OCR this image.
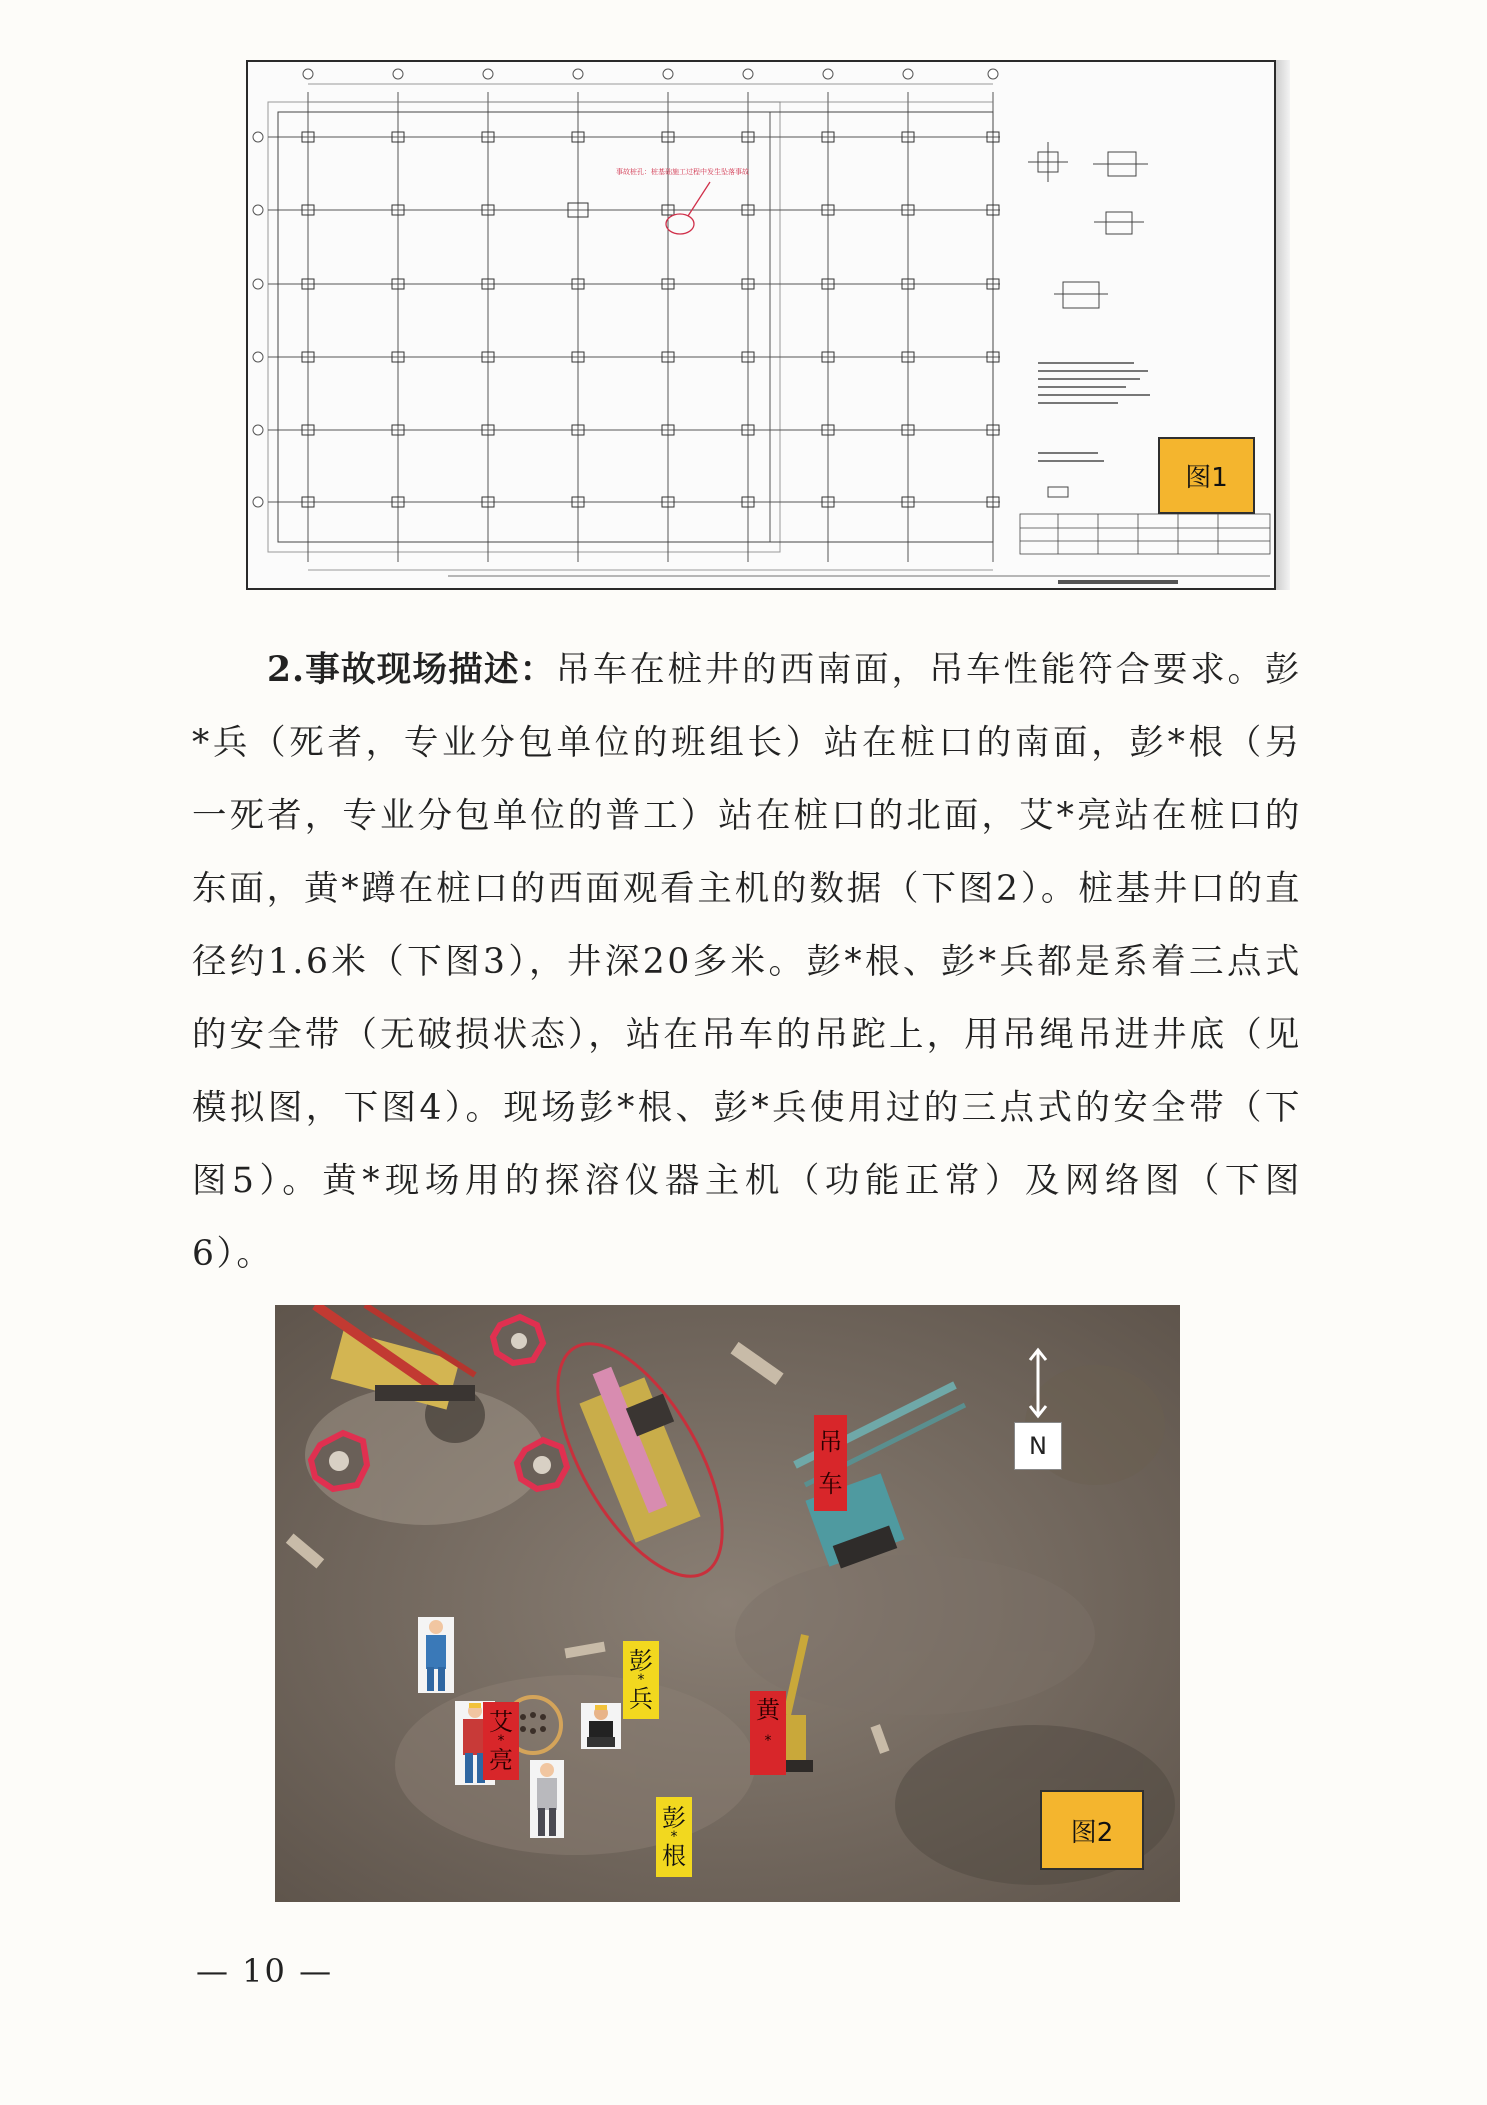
事故桩孔：桩基础施工过程中发生坠落事故
图1

2.事故现场描述：吊车在桩井的西南面，吊车性能符合要求。彭*兵（死者，专业分包单位的班组长）站在桩口的南面，彭*根（另一死者，专业分包单位的普工）站在桩口的北面，艾*亮站在桩口的东面，黄*蹲在桩口的西面观看主机的数据（下图2）。桩基井口的直径约1.6米（下图3），井深20多米。彭*根、彭*兵都是系着三点式的安全带（无破损状态），站在吊车的吊跎上，用吊绳吊进井底（见模拟图，下图4）。现场彭*根、彭*兵使用过的三点式的安全带（下图5）。黄*现场用的探溶仪器主机（功能正常）及网络图（下图6）。

吊
车
N
彭
*
兵
艾
*
亮
黄
*
彭
*
根
图2
— 10 —
